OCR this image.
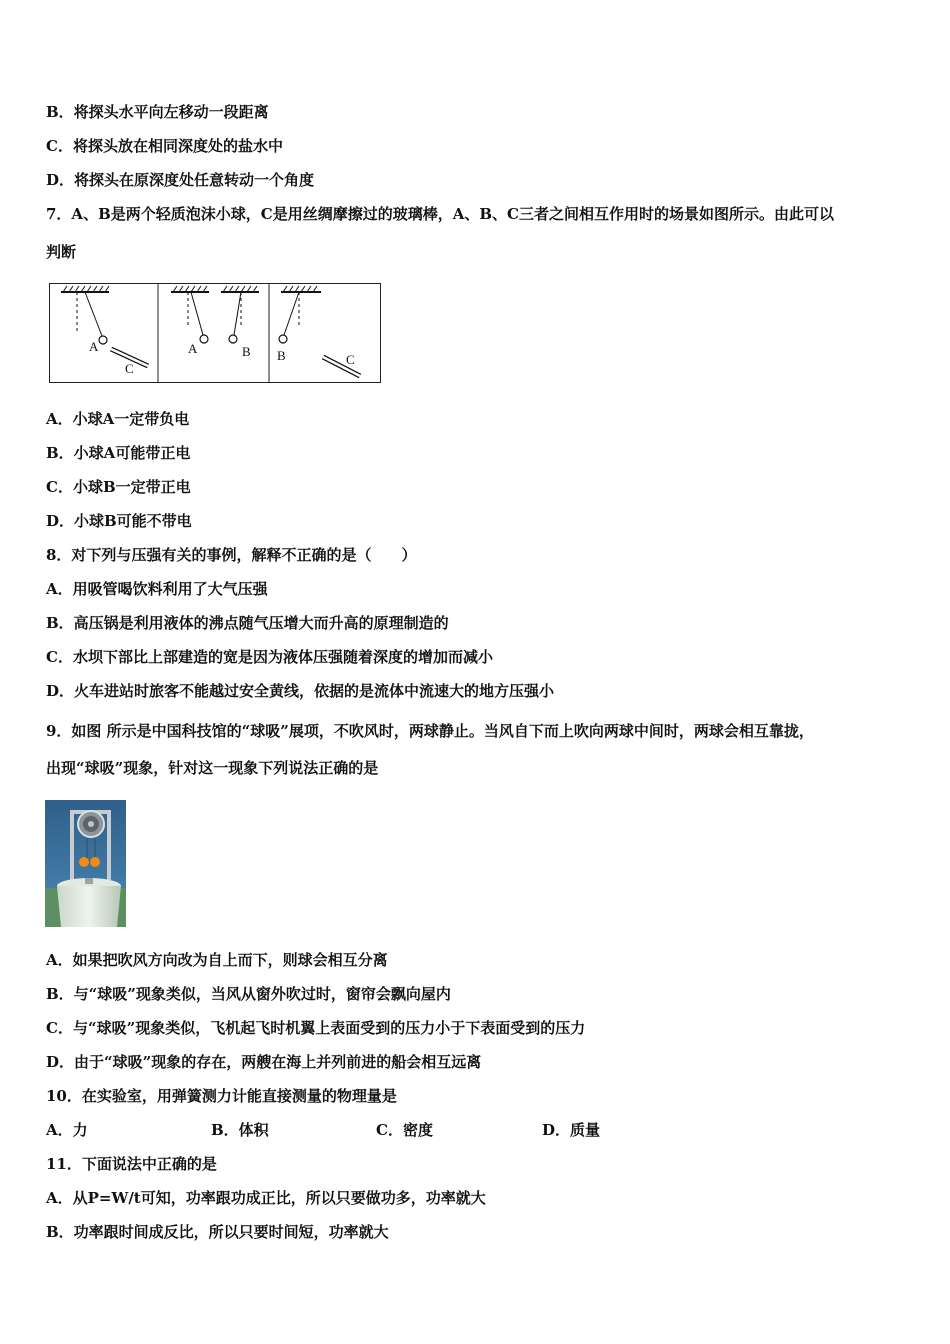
B．将探头水平向左移动一段距离
C．将探头放在相同深度处的盐水中
D．将探头在原深度处任意转动一个角度
7．A、B是两个轻质泡沫小球，C是用丝绸摩擦过的玻璃棒，A、B、C三者之间相互作用时的场景如图所示。由此可以
判断
A
C
A	B B	C
A．小球A一定带负电
B．小球A可能带正电
C．小球B一定带正电
D．小球B可能不带电
8．对下列与压强有关的事例，解释不正确的是（　　）
A．用吸管喝饮料利用了大气压强
B．高压锅是利用液体的沸点随气压增大而升高的原理制造的
C．水坝下部比上部建造的宽是因为液体压强随着深度的增加而减小
D．火车进站时旅客不能越过安全黄线，依据的是流体中流速大的地方压强小
9．如图 所示是中国科技馆的“球吸”展项，不吹风时，两球静止。当风自下而上吹向两球中间时，两球会相互靠拢，
出现“球吸”现象，针对这一现象下列说法正确的是
A．如果把吹风方向改为自上而下，则球会相互分离
B．与“球吸”现象类似，当风从窗外吹过时，窗帘会飘向屋内
C．与“球吸”现象类似，飞机起飞时机翼上表面受到的压力小于下表面受到的压力
D．由于“球吸”现象的存在，两艘在海上并列前进的船会相互远离
10．在实验室，用弹簧测力计能直接测量的物理量是
A．力	B．体积	C．密度	D．质量
11．下面说法中正确的是
A．从P=W/t可知，功率跟功成正比，所以只要做功多，功率就大
B．功率跟时间成反比，所以只要时间短，功率就大
